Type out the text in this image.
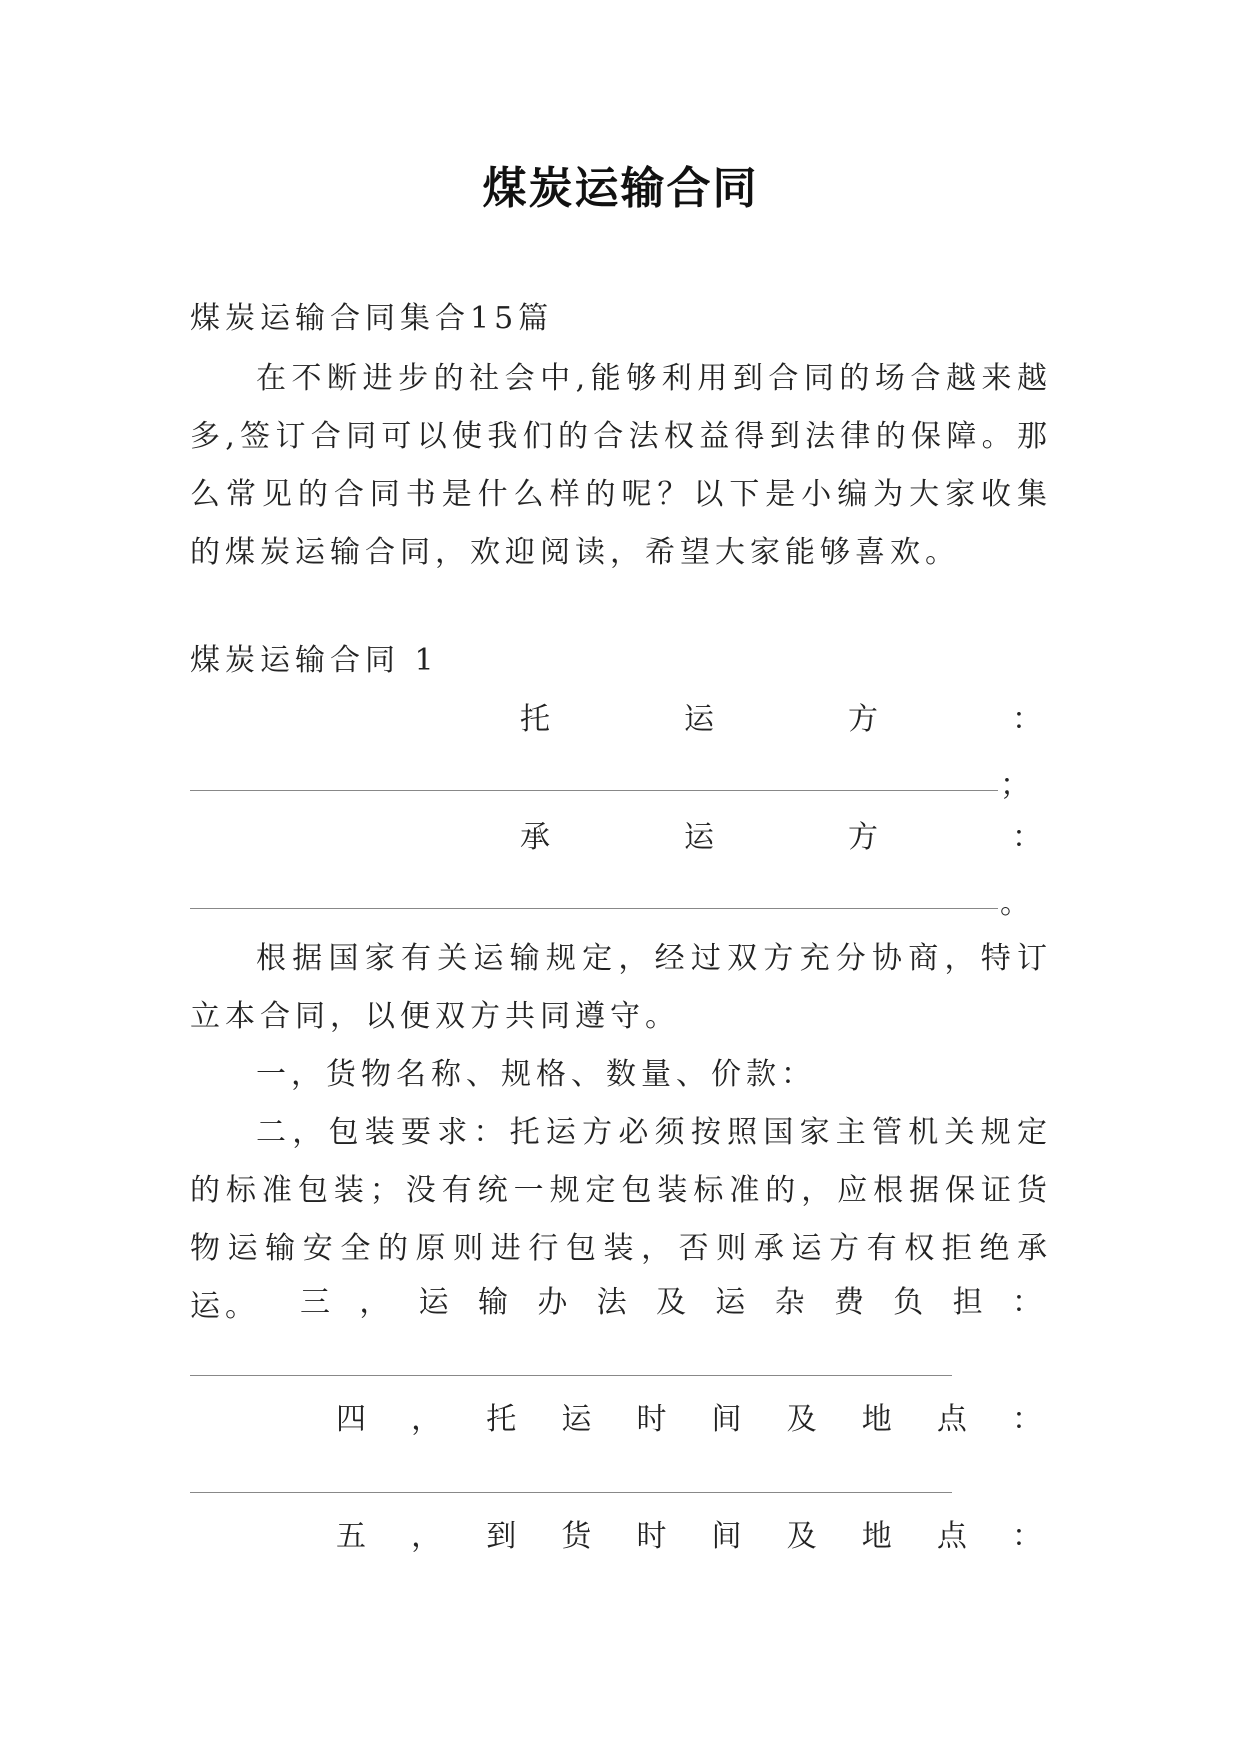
煤炭运输合同

煤炭运输合同集合15篇

在不断进步的社会中,能够利用到合同的场合越来越多,签订合同可以使我们的合法权益得到法律的保障。那么常见的合同书是什么样的呢？以下是小编为大家收集的煤炭运输合同，欢迎阅读，希望大家能够喜欢。

煤炭运输合同 1

托	运	方	：
；
承	运	方	：
。

根据国家有关运输规定，经过双方充分协商，特订立本合同，以便双方共同遵守。

一，货物名称、规格、数量、价款：

二，包装要求：托运方必须按照国家主管机关规定的标准包装；没有统一规定包装标准的，应根据保证货物运输安全的原则进行包装，否则承运方有权拒绝承运。	三 ， 运 输 办 法 及 运 杂 费 负 担 ：
四 ， 托 运 时 间 及 地 点 ：
五 ， 到 货 时 间 及 地 点 ：
